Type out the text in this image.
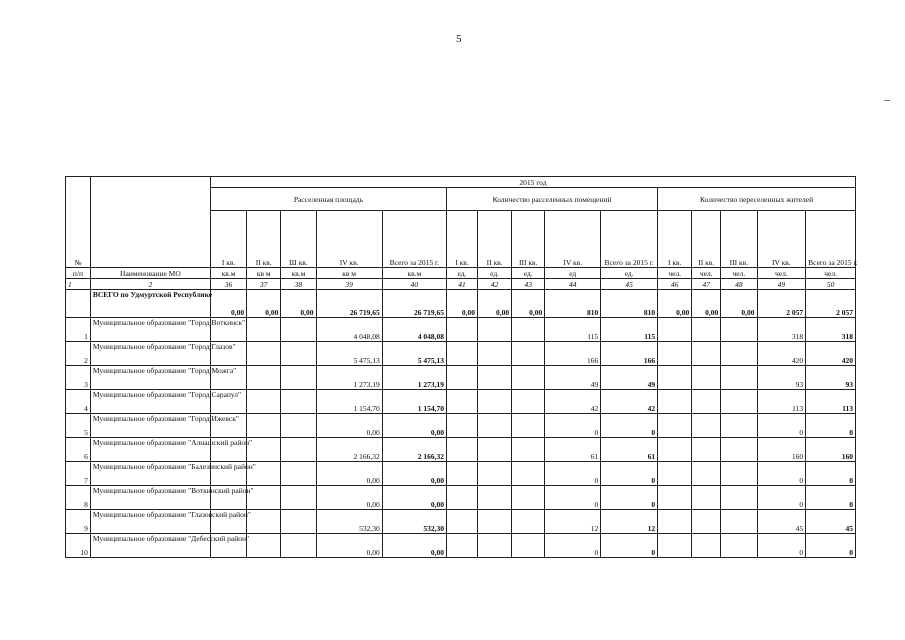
5
№		2015 год														
		Расселенная площадь					Количество расселенных помещений					Количество переселенных жителей				
		I кв.	II кв.	Ш кв.	IV кв.	Всего за 2015 г.	I кв.	II кв.	III кв.	IV кв.	Всего за 2015 г.	I кв.	II кв.	III кв.	IV кв.	Всего за 2015 г.
п/п	Наименование МО	кв.м	кв м	кв.м	кв м	кв.м	ед.	ед.	ед.	ед	ед.	чел.	чел.	чел.	чел.	чел.
1	2	36	37	38	39	40	41	42	43	44	45	46	47	48	49	50
	ВСЕГО по Удмуртской Республике	0,00	0,00	0,00	26 719,65	26 719,65	0,00	0,00	0,00	810	810	0,00	0,00	0,00	2 057	2 057
1	Муниципальное образование "Город Воткинск"				4 048,08	4 048,08				115	115				318	318
2	Муниципальное образование "Город Глазов"				5 475,13	5 475,13				166	166				420	420
3	Муниципальное образование "Город Можга"				1 273,19	1 273,19				49	49				93	93
4	Муниципальное образование "Город Сарапул"				1 154,70	1 154,70				42	42				113	113
5	Муниципальное образование "Город Ижевск"				0,00	0,00				0	0				0	0
6	Муниципальное образование "Алнашский район"				2 166,32	2 166,32				61	61				160	160
7	Муниципальное образование "Балезинский район"				0,00	0,00				0	0				0	0
8	Муниципальное образование "Воткинский район"				0,00	0,00				0	0				0	0
9	Муниципальное образование "Глазовский район"				532,30	532,30				12	12				45	45
10	Муниципальное образование "Дебесский район"				0,00	0,00				0	0				0	0
